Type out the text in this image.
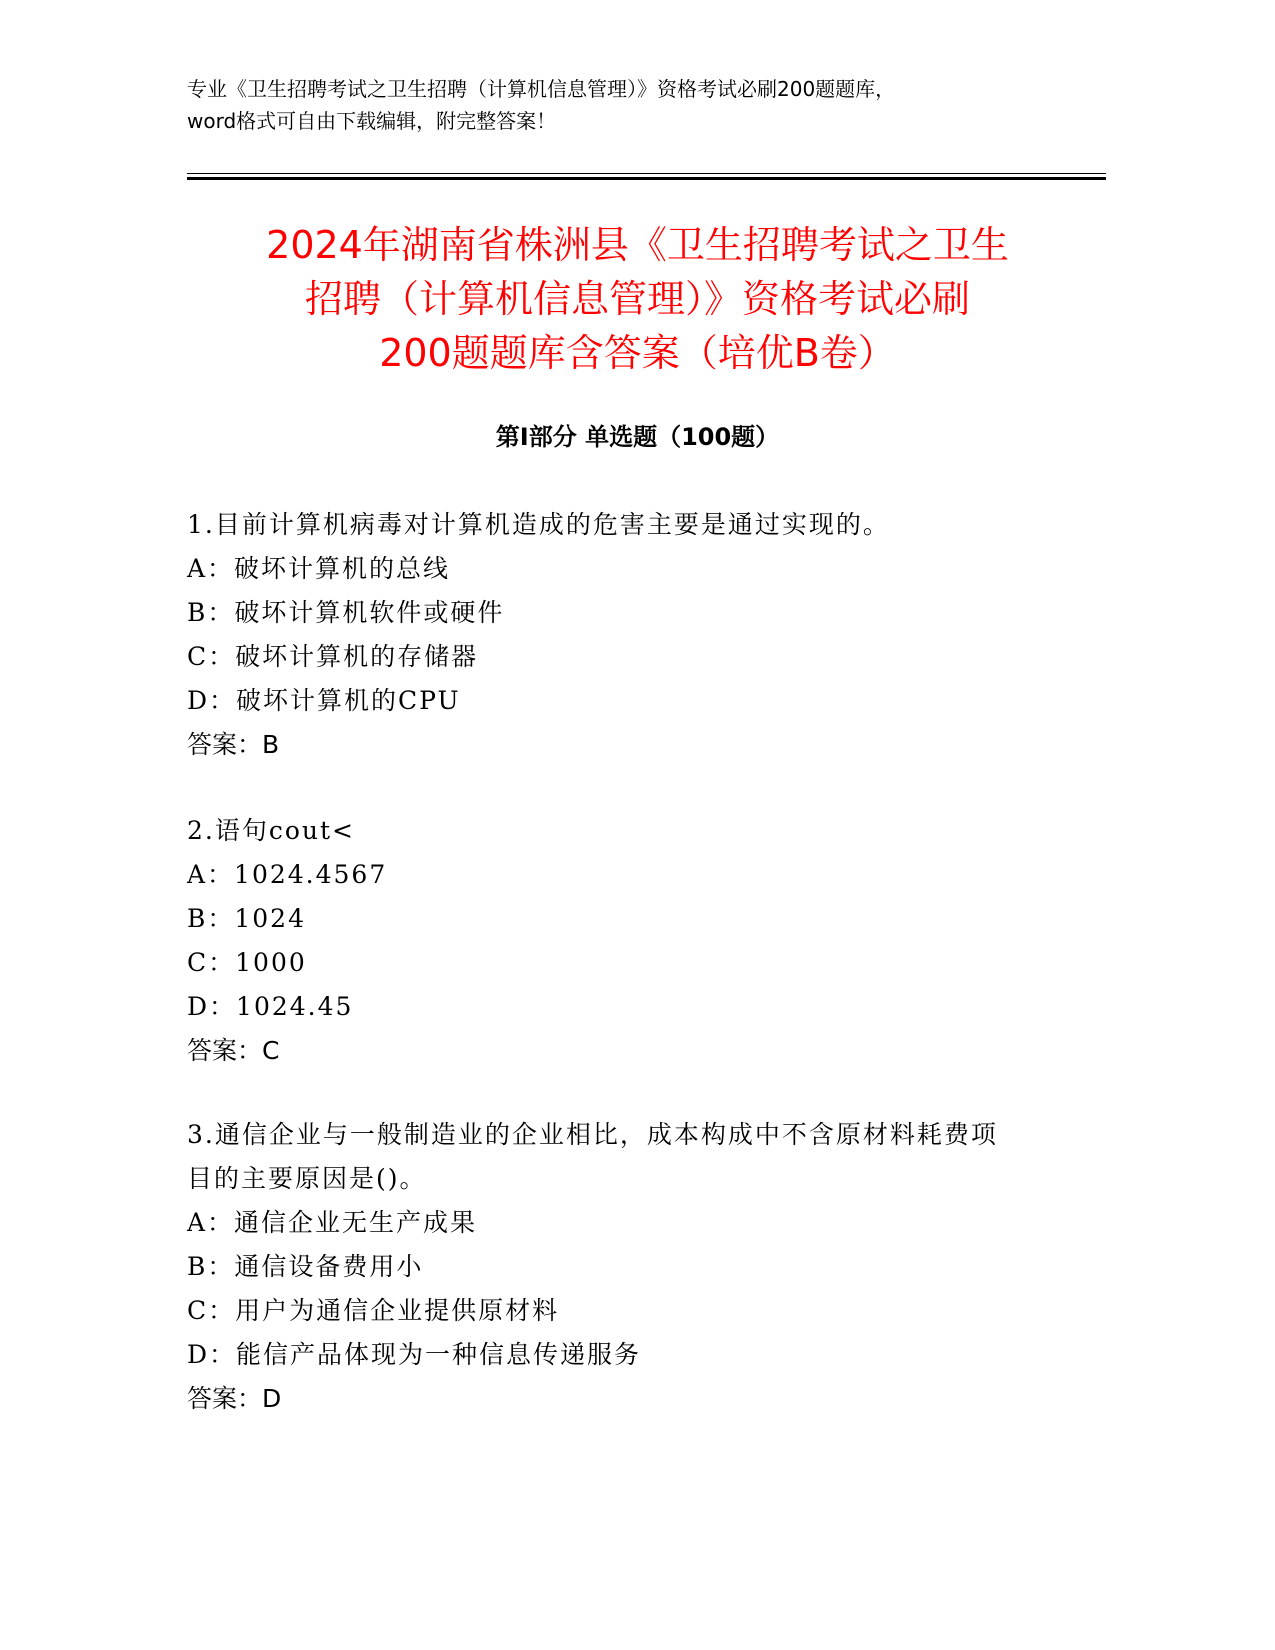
专业《卫生招聘考试之卫生招聘（计算机信息管理）》资格考试必刷200题题库，
word格式可自由下载编辑，附完整答案！
2024年湖南省株洲县《卫生招聘考试之卫生
招聘（计算机信息管理）》资格考试必刷
200题题库含答案（培优B卷）
第Ⅰ部分 单选题（100题）
1.目前计算机病毒对计算机造成的危害主要是通过实现的。
A：破坏计算机的总线
B：破坏计算机软件或硬件
C：破坏计算机的存储器
D：破坏计算机的CPU
答案：B
2.语句cout<
A：1024.4567
B：1024
C：1000
D：1024.45
答案：C
3.通信企业与一般制造业的企业相比，成本构成中不含原材料耗费项
目的主要原因是()。
A：通信企业无生产成果
B：通信设备费用小
C：用户为通信企业提供原材料
D：能信产品体现为一种信息传递服务
答案：D
